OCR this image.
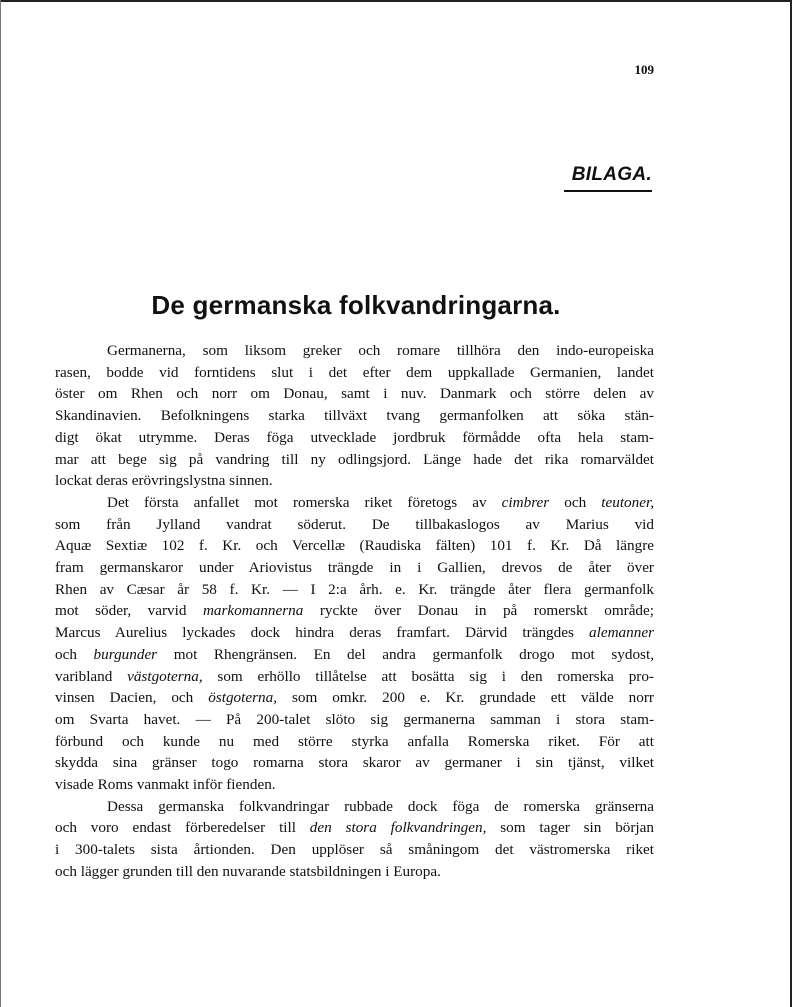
109
BILAGA.
De germanska folkvandringarna.

Germanerna, som liksom greker och romare tillhöra den indo-europeiska
rasen, bodde vid forntidens slut i det efter dem uppkallade Germanien, landet
öster om Rhen och norr om Donau, samt i nuv. Danmark och större delen av
Skandinavien. Befolkningens starka tillväxt tvang germanfolken att söka stän-
digt ökat utrymme. Deras föga utvecklade jordbruk förmådde ofta hela stam-
mar att bege sig på vandring till ny odlingsjord. Länge hade det rika romarväldet
lockat deras erövringslystna sinnen.

Det första anfallet mot romerska riket företogs av cimbrer och teutoner,
som från Jylland vandrat söderut. De tillbakaslogos av Marius vid
Aquæ Sextiæ 102 f. Kr. och Vercellæ (Raudiska fälten) 101 f. Kr. Då längre
fram germanskaror under Ariovistus trängde in i Gallien, drevos de åter över
Rhen av Cæsar år 58 f. Kr. — I 2:a årh. e. Kr. trängde åter flera germanfolk
mot söder, varvid markomannerna ryckte över Donau in på romerskt område;
Marcus Aurelius lyckades dock hindra deras framfart. Därvid trängdes alemanner
och burgunder mot Rhengränsen. En del andra germanfolk drogo mot sydost,
varibland västgoterna, som erhöllo tillåtelse att bosätta sig i den romerska pro-
vinsen Dacien, och östgoterna, som omkr. 200 e. Kr. grundade ett välde norr
om Svarta havet. — På 200-talet slöto sig germanerna samman i stora stam-
förbund och kunde nu med större styrka anfalla Romerska riket. För att
skydda sina gränser togo romarna stora skaror av germaner i sin tjänst, vilket
visade Roms vanmakt inför fienden.

Dessa germanska folkvandringar rubbade dock föga de romerska gränserna
och voro endast förberedelser till den stora folkvandringen, som tager sin början
i 300-talets sista årtionden. Den upplöser så småningom det västromerska riket
och lägger grunden till den nuvarande statsbildningen i Europa.
